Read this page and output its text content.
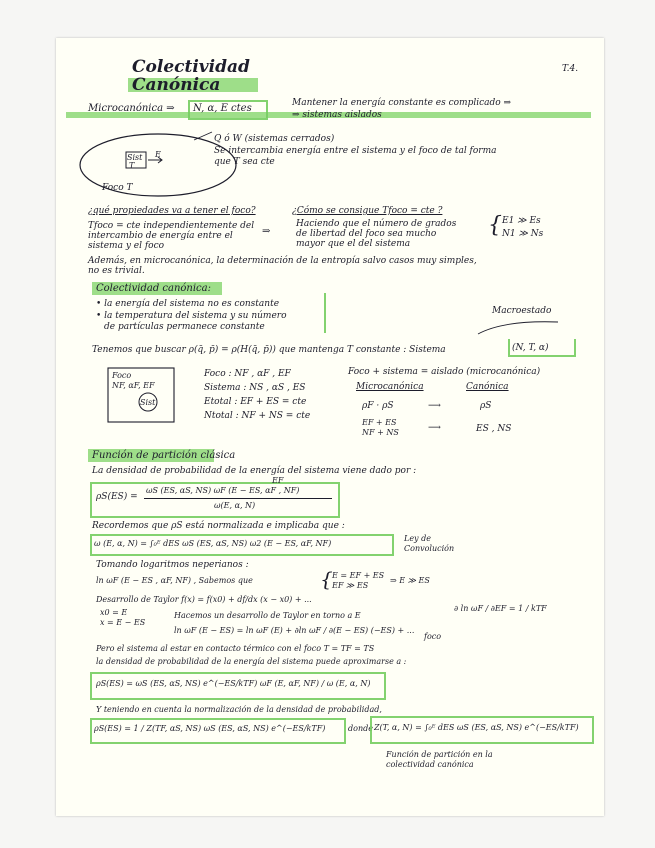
Colectividad
Canónica
T.4.
Microcanónica ⇒ N, α, E ctes	Mantener la energía constante es complicado ⇒
⇒ sistemas aislados
Sist
T
E
Foco T
Q ó W (sistemas cerrados)
Se intercambia energía entre el sistema y el foco de tal forma
que T sea cte
¿qué propiedades va a tener el foco?
Tfoco = cte independientemente del
intercambio de energía entre el
sistema y el foco
⇒
¿Cómo se consigue Tfoco = cte ?
Haciendo que el número de grados
de libertad del foco sea mucho
mayor que el del sistema
{ E1 ≫ Es
N1 ≫ Ns
Además, en microcanónica, la determinación de la entropía salvo casos muy simples,
no es trivial.
Colectividad canónica:
• la energía del sistema no es constante
• la temperatura del sistema y su número
de partículas permanece constante
Macroestado
Tenemos que buscar ρ(q̄, p̄) = ρ(H(q̄, p̄)) que mantenga T constante : Sistema	(N, T, α)
Foco
NF, αF, EF
Sist
Foco : NF , αF , EF
Sistema : NS , αS , ES
Etotal : EF + ES = cte
Ntotal : NF + NS = cte
Foco + sistema = aislado (microcanónica)
Microcanónica	Canónica
ρF · ρS	⟶	ρS
EF + ES
NF + NS	⟶	ES , NS
Función de partición clásica
La densidad de probabilidad de la energía del sistema viene dado por :
ρS(ES) =
EF
ωS (ES, αS, NS) ωF (E − ES, αF , NF)
ω(E, α, N)
Recordemos que ρS está normalizada e implicaba que :
ω (E, α, N) = ∫₀ᴱ dES ωS (ES, αS, NS) ω2 (E − ES, αF, NF)
Ley de
Convolución
Tomando logaritmos neperianos :
ln ωF (E − ES , αF, NF) , Sabemos que	{ E = EF + ES
EF ≫ ES
⇒ E ≫ ES
Desarrollo de Taylor f(x) = f(x0) + df/dx (x − x0) + ...
x0 = E
x = E − ES
Hacemos un desarrollo de Taylor en torno a E
∂ ln ωF / ∂EF = 1 / kTF
ln ωF (E − ES) = ln ωF (E) + ∂ln ωF / ∂(E − ES) (−ES) + ...
foco
Pero el sistema al estar en contacto térmico con el foco T = TF = TS
la densidad de probabilidad de la energía del sistema puede aproximarse a :
ρS(ES) = ωS (ES, αS, NS) e^(−ES/kTF) ωF (E, αF, NF) / ω (E, α, N)
Y teniendo en cuenta la normalización de la densidad de probabilidad,
ρS(ES) = 1 / Z(TF, αS, NS) ωS (ES, αS, NS) e^(−ES/kTF)	donde Z(T, α, N) = ∫₀ᴱ dES ωS (ES, αS, NS) e^(−ES/kTF)
Función de partición en la
colectividad canónica
